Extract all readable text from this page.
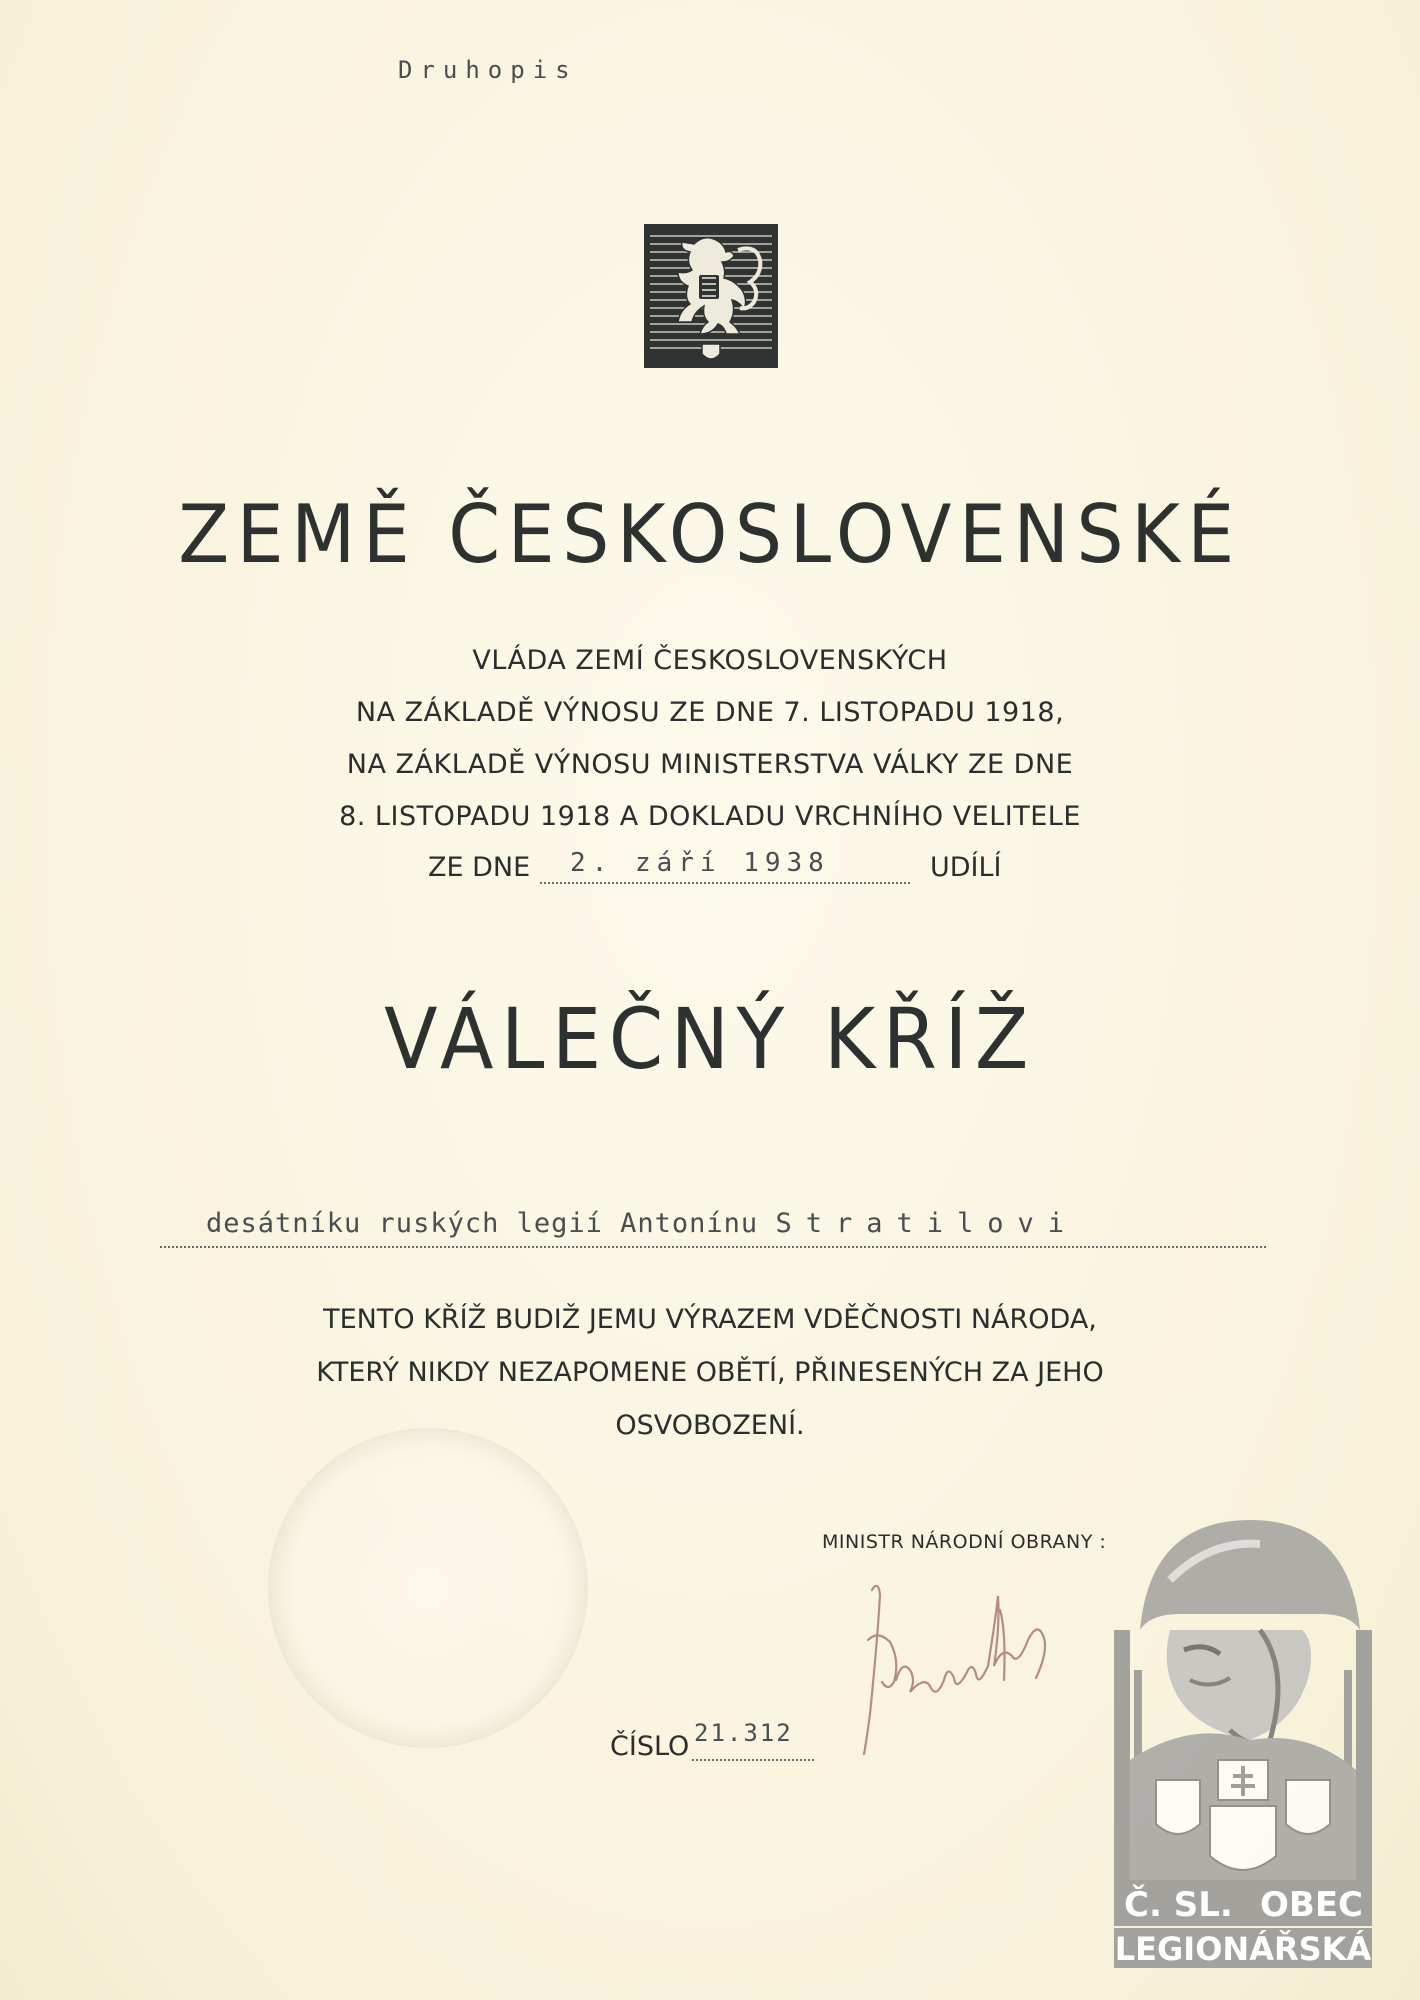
Druhopis
ZEMĚ ČESKOSLOVENSKÉ
VLÁDA ZEMÍ ČESKOSLOVENSKÝCH
NA ZÁKLADĚ VÝNOSU ZE DNE 7. LISTOPADU 1918,
NA ZÁKLADĚ VÝNOSU MINISTERSTVA VÁLKY ZE DNE
8. LISTOPADU 1918 A DOKLADU VRCHNÍHO VELITELE
ZE DNE 2. září 1938	UDÍLÍ
VÁLEČNÝ KŘÍŽ
desátníku ruských legií Antonínu Stratilovi
TENTO KŘÍŽ BUDIŽ JEMU VÝRAZEM VDĚČNOSTI NÁRODA,
KTERÝ NIKDY NEZAPOMENE OBĚTÍ, PŘINESENÝCH ZA JEHO
OSVOBOZENÍ.
MINISTR NÁRODNÍ OBRANY :
ČÍSLO 21.312
Č. SL. OBEC
LEGIONÁŘSKÁ
